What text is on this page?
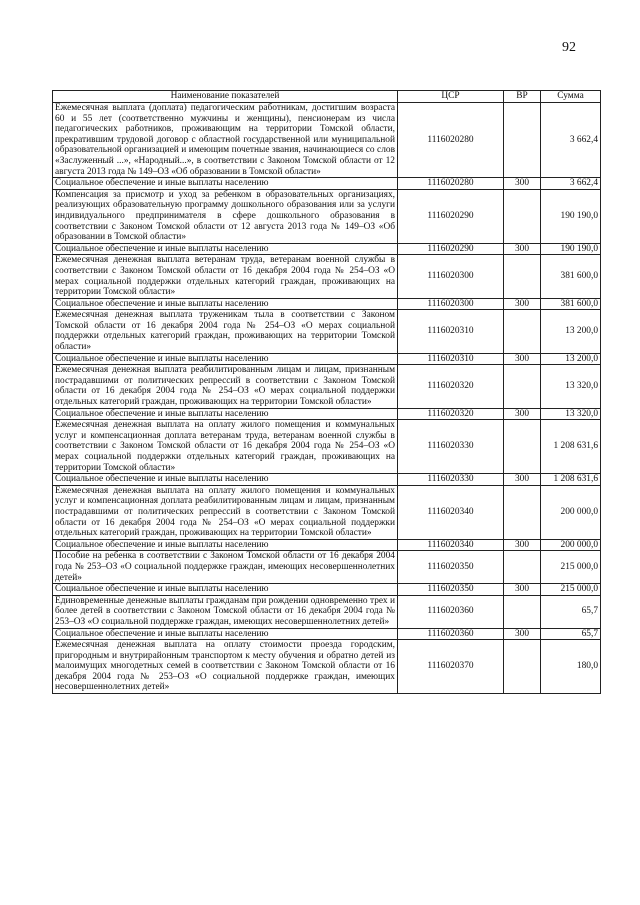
92
Наименование показателей	ЦСР	ВР	Сумма
Ежемесячная выплата (доплата) педагогическим работникам, достигшим возраста 60 и 55 лет (соответственно мужчины и женщины), пенсионерам из числа педагогических работников, проживающим на территории Томской области, прекратившим трудовой договор с областной государственной или муниципальной образовательной организацией и имеющим почетные звания, начинающиеся со слов «Заслуженный ...», «Народный...», в соответствии с Законом Томской области от 12 августа 2013 года № 149–ОЗ «Об образовании в Томской области»	1116020280		3 662,4
Социальное обеспечение и иные выплаты населению	1116020280	300	3 662,4
Компенсация за присмотр и уход за ребенком в образовательных организациях, реализующих образовательную программу дошкольного образования или за услуги индивидуального предпринимателя в сфере дошкольного образования в соответствии с Законом Томской области от 12 августа 2013 года № 149–ОЗ «Об образовании в Томской области»	1116020290		190 190,0
Социальное обеспечение и иные выплаты населению	1116020290	300	190 190,0
Ежемесячная денежная выплата ветеранам труда, ветеранам военной службы в соответствии с Законом Томской области от 16 декабря 2004 года № 254–ОЗ «О мерах социальной поддержки отдельных категорий граждан, проживающих на территории Томской области»	1116020300		381 600,0
Социальное обеспечение и иные выплаты населению	1116020300	300	381 600,0
Ежемесячная денежная выплата труженикам тыла в соответствии с Законом Томской области от 16 декабря 2004 года № 254–ОЗ «О мерах социальной поддержки отдельных категорий граждан, проживающих на территории Томской области»	1116020310		13 200,0
Социальное обеспечение и иные выплаты населению	1116020310	300	13 200,0
Ежемесячная денежная выплата реабилитированным лицам и лицам, признанным пострадавшими от политических репрессий в соответствии с Законом Томской области от 16 декабря 2004 года № 254–ОЗ «О мерах социальной поддержки отдельных категорий граждан, проживающих на территории Томской области»	1116020320		13 320,0
Социальное обеспечение и иные выплаты населению	1116020320	300	13 320,0
Ежемесячная денежная выплата на оплату жилого помещения и коммунальных услуг и компенсационная доплата ветеранам труда, ветеранам военной службы в соответствии с Законом Томской области от 16 декабря 2004 года № 254–ОЗ «О мерах социальной поддержки отдельных категорий граждан, проживающих на территории Томской области»	1116020330		1 208 631,6
Социальное обеспечение и иные выплаты населению	1116020330	300	1 208 631,6
Ежемесячная денежная выплата на оплату жилого помещения и коммунальных услуг и компенсационная доплата реабилитированным лицам и лицам, признанным пострадавшими от политических репрессий в соответствии с Законом Томской области от 16 декабря 2004 года № 254–ОЗ «О мерах социальной поддержки отдельных категорий граждан, проживающих на территории Томской области»	1116020340		200 000,0
Социальное обеспечение и иные выплаты населению	1116020340	300	200 000,0
Пособие на ребенка в соответствии с Законом Томской области от 16 декабря 2004 года № 253–ОЗ «О социальной поддержке граждан, имеющих несовершеннолетних детей»	1116020350		215 000,0
Социальное обеспечение и иные выплаты населению	1116020350	300	215 000,0
Единовременные денежные выплаты гражданам при рождении одновременно трех и более детей в соответствии с Законом Томской области от 16 декабря 2004 года № 253–ОЗ «О социальной поддержке граждан, имеющих несовершеннолетних детей»	1116020360		65,7
Социальное обеспечение и иные выплаты населению	1116020360	300	65,7
Ежемесячная денежная выплата на оплату стоимости проезда городским, пригородным и внутрирайонным транспортом к месту обучения и обратно детей из малоимущих многодетных семей в соответствии с Законом Томской области от 16 декабря 2004 года № 253–ОЗ «О социальной поддержке граждан, имеющих несовершеннолетних детей»	1116020370		180,0
